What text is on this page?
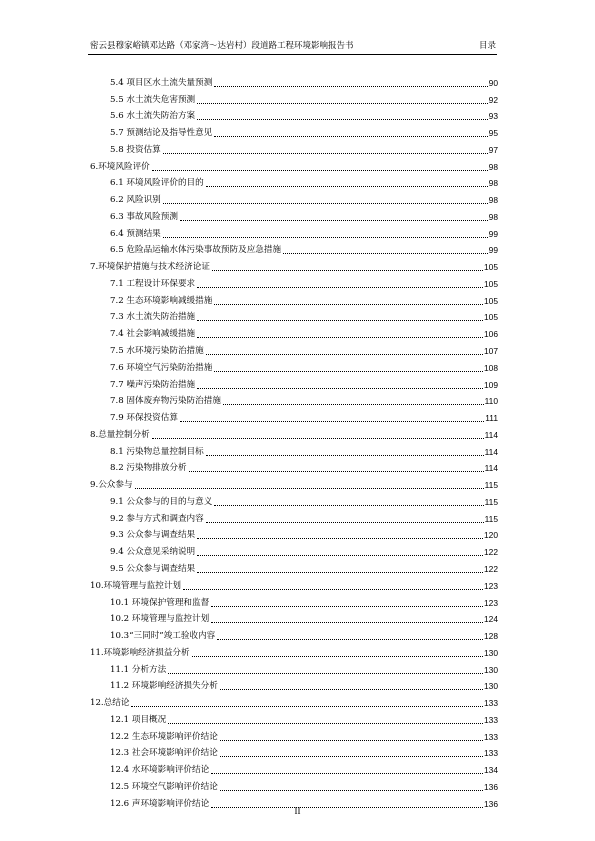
密云县穆家峪镇邓达路（邓家湾～达岩村）段道路工程环境影响报告书	目录
5.4 项目区水土流失量预测	90
5.5 水土流失危害预测	92
5.6 水土流失防治方案	93
5.7 预测结论及指导性意见	95
5.8 投资估算	97
6.环境风险评价	98
6.1 环境风险评价的目的	98
6.2 风险识别	98
6.3 事故风险预测	98
6.4 预测结果	99
6.5 危险品运输水体污染事故预防及应急措施	99
7.环境保护措施与技术经济论证	105
7.1 工程设计环保要求	105
7.2 生态环境影响减缓措施	105
7.3 水土流失防治措施	105
7.4 社会影响减缓措施	106
7.5 水环境污染防治措施	107
7.6 环境空气污染防治措施	108
7.7 噪声污染防治措施	109
7.8 固体废弃物污染防治措施	110
7.9 环保投资估算	111
8.总量控制分析	114
8.1 污染物总量控制目标	114
8.2 污染物排放分析	114
9.公众参与	115
9.1 公众参与的目的与意义	115
9.2 参与方式和调查内容	115
9.3 公众参与调查结果	120
9.4 公众意见采纳说明	122
9.5 公众参与调查结果	122
10.环境管理与监控计划	123
10.1 环境保护管理和监督	123
10.2 环境管理与监控计划	124
10.3“三同时”竣工验收内容	128
11.环境影响经济损益分析	130
11.1 分析方法	130
11.2 环境影响经济损失分析	130
12.总结论	133
12.1 项目概况	133
12.2 生态环境影响评价结论	133
12.3 社会环境影响评价结论	133
12.4 水环境影响评价结论	134
12.5 环境空气影响评价结论	136
12.6 声环境影响评价结论	136
II
